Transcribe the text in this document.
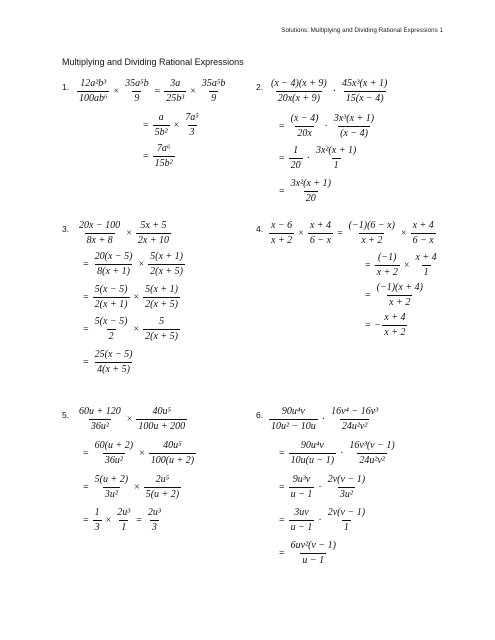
Solutions: Multiplying and Dividing Rational Expressions 1
Multiplying and Dividing Rational Expressions
1. $\frac{\text{12a²b³}}{\text{100ab⁶}} \times \frac{\text{35a⁵b}}{9} = \frac{3a}{\text{25b³}} \times \frac{\text{35a⁵b}}{9}$
= $\frac{a}{\text{5b²}} \times \frac{\text{7a⁵}}{3}$
= $\frac{\text{7a⁶}}{\text{15b²}}$
2. $\frac{(x - 4)(x + 9)}{20x(x + 9)} \cdot \frac{\text{45x³(x + 1)}}{15(x - 4)}$
= $\frac{(x - 4)}{20x} \cdot \frac{\text{3x³(x + 1)}}{(x - 4)}$
= $\frac{1}{20} \cdot \frac{\text{3x²(x + 1)}}{1}$
= $\frac{\text{3x²(x + 1)}}{20}$
3. $\frac{20x - 100}{8x + 8} \times \frac{5x + 5}{2x + 10}$
= $\frac{20(x - 5)}{8(x + 1)} \times \frac{5(x + 1)}{2(x + 5)}$
= $\frac{5(x - 5)}{2(x + 1)} \times \frac{5(x + 1)}{2(x + 5)}$
= $\frac{5(x - 5)}{2} \times \frac{5}{2(x + 5)}$
= $\frac{25(x - 5)}{4(x + 5)}$
4. $\frac{x - 6}{x + 2} \times \frac{x + 4}{6 - x} = \frac{(-1)(6 - x)}{x + 2} \times \frac{x + 4}{6 - x}$
= $\frac{(-1)}{x + 2} \times \frac{x + 4}{1}$
= $\frac{(-1)(x + 4)}{x + 2}$
= − $\frac{x + 4}{x + 2}$
5. $\frac{60u + 120}{\text{36u²}} \times \frac{\text{40u⁵}}{100u + 200}$
= $\frac{60(u + 2)}{\text{36u²}} \times \frac{\text{40u⁵}}{100(u + 2)}$
= $\frac{5(u + 2)}{\text{3u²}} \times \frac{\text{2u⁵}}{5(u + 2)}$
= $\frac{1}{3} \times \frac{\text{2u³}}{1} = \frac{\text{2u³}}{3}$
6. $\frac{\text{90u⁴v}}{\text{10u² − 10u}} \cdot \frac{\text{16v⁴ − 16v³}}{\text{24u²v²}}$
= $\frac{\text{90u⁴v}}{10u(u - 1)} \cdot \frac{\text{16v³(v − 1)}}{\text{24u²v²}}$
= $\frac{\text{9u³v}}{u - 1} \cdot \frac{2v(v - 1)}{\text{3u²}}$
= $\frac{3uv}{u - 1} \cdot \frac{2v(v - 1)}{1}$
= $\frac{\text{6uv²(v − 1)}}{u - 1}$
